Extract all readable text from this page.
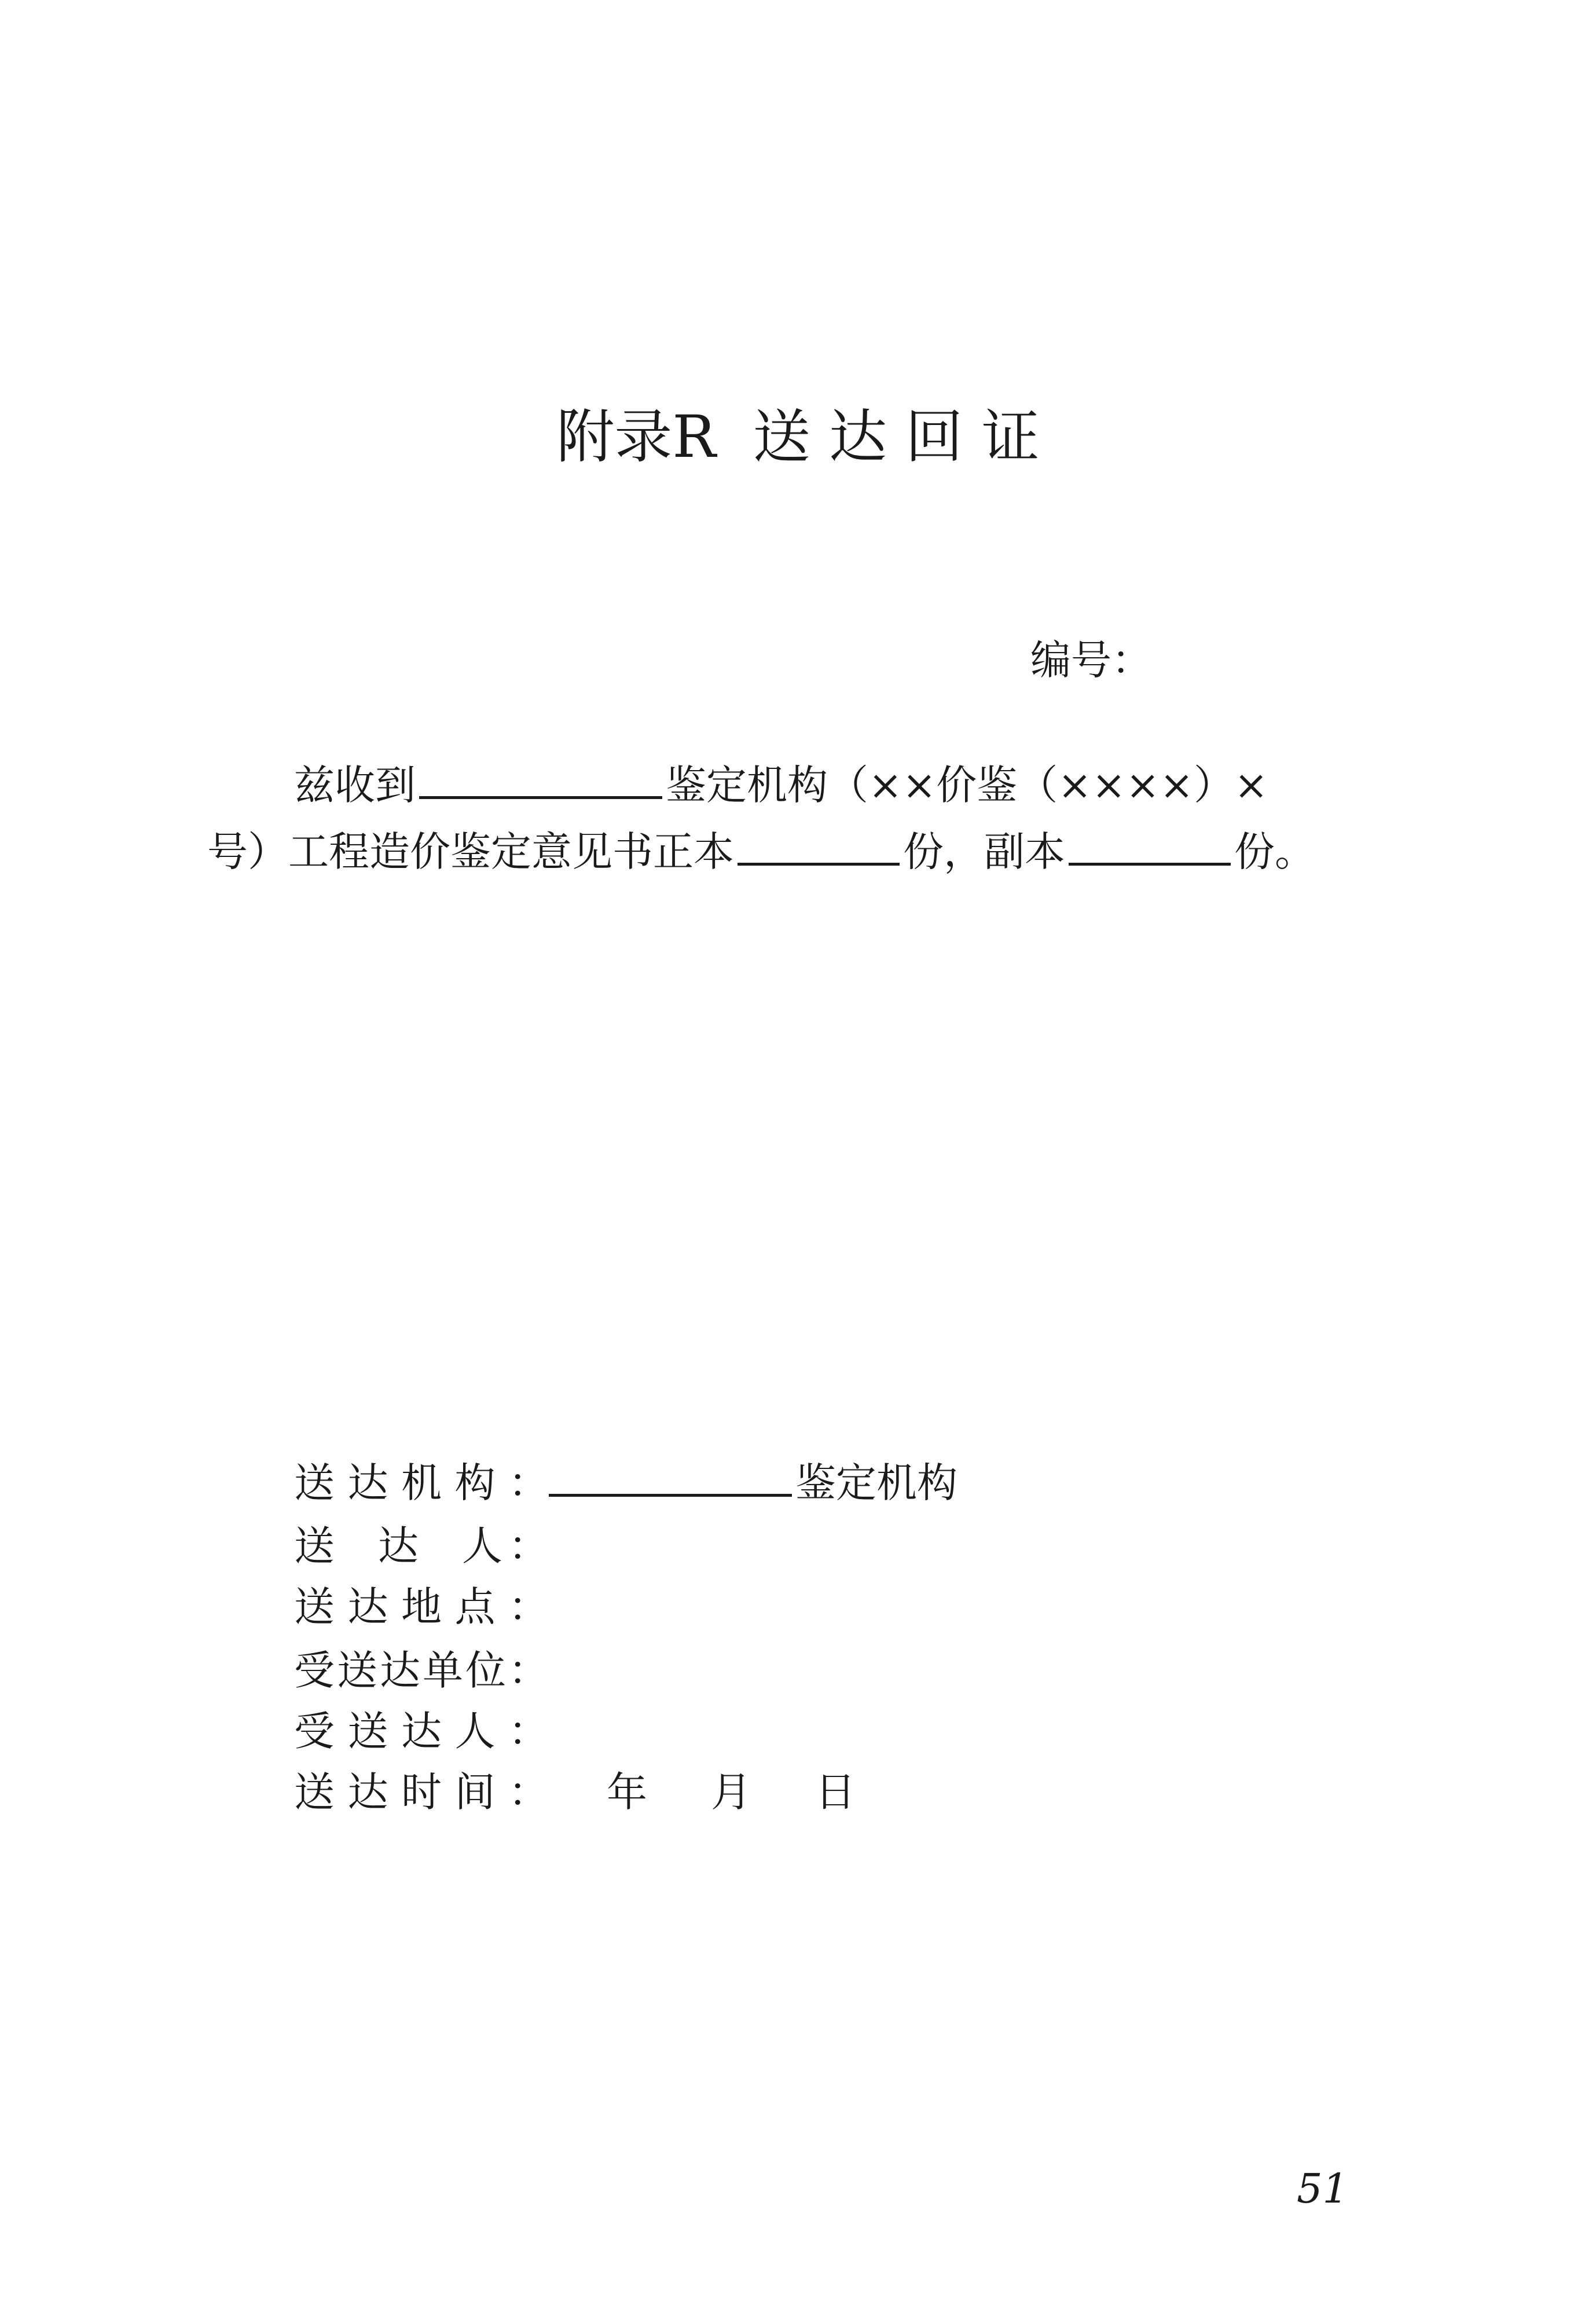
附录R  送 达 回 证
编号：
兹收到	鉴定机构（××价鉴（××××）×
号）工程造价鉴定意见书正本	份，副本	份。
送达机构：	鉴定机构
送  达  人：
送达地点：
受送达单位：
受送达人：
送达时间： 年 月 日
51
